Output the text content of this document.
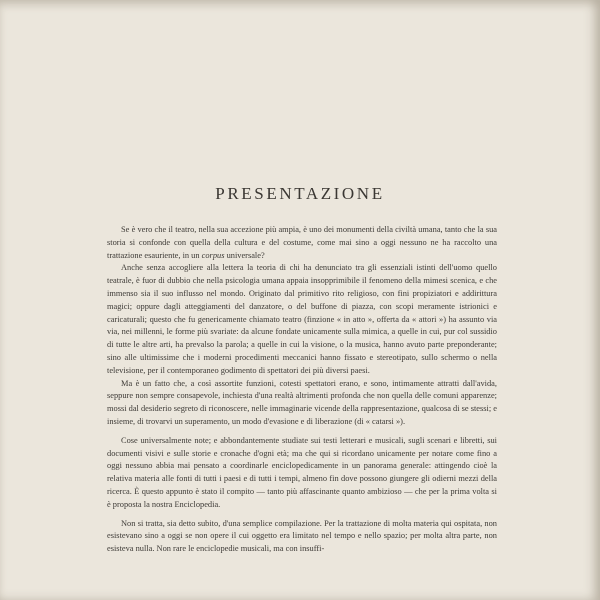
PRESENTAZIONE

Se è vero che il teatro, nella sua accezione più ampia, è uno dei monumenti della civiltà umana, tanto che la sua storia si confonde con quella della cultura e del costume, come mai sino a oggi nessuno ne ha raccolto una trattazione esauriente, in un corpus universale?

Anche senza accogliere alla lettera la teoria di chi ha denunciato tra gli essenziali istinti dell'uomo quello teatrale, è fuor di dubbio che nella psicologia umana appaia insopprimibile il fenomeno della mimesi scenica, e che immenso sia il suo influsso nel mondo. Originato dal primitivo rito religioso, con fini propiziatori e addirittura magici; oppure dagli atteggiamenti del danzatore, o del buffone di piazza, con scopi meramente istrionici e caricaturali; questo che fu genericamente chiamato teatro (finzione « in atto », offerta da « attori ») ha assunto via via, nei millenni, le forme più svariate: da alcune fondate unicamente sulla mimica, a quelle in cui, pur col sussidio di tutte le altre arti, ha prevalso la parola; a quelle in cui la visione, o la musica, hanno avuto parte preponderante; sino alle ultimissime che i moderni procedimenti meccanici hanno fissato e stereotipato, sullo schermo o nella televisione, per il contemporaneo godimento di spettatori dei più diversi paesi.

Ma è un fatto che, a così assortite funzioni, cotesti spettatori erano, e sono, intimamente attratti dall'avida, seppure non sempre consapevole, inchiesta d'una realtà altrimenti profonda che non quella delle comuni apparenze; mossi dal desiderio segreto di riconoscere, nelle immaginarie vicende della rappresentazione, qualcosa di se stessi; e insieme, di trovarvi un superamento, un modo d'evasione e di liberazione (di « catarsi »).

Cose universalmente note; e abbondantemente studiate sui testi letterari e musicali, sugli scenari e libretti, sui documenti visivi e sulle storie e cronache d'ogni età; ma che qui si ricordano unicamente per notare come fino a oggi nessuno abbia mai pensato a coordinarle enciclopedicamente in un panorama generale: attingendo cioè la relativa materia alle fonti di tutti i paesi e di tutti i tempi, almeno fin dove possono giungere gli odierni mezzi della ricerca. È questo appunto è stato il compito — tanto più affascinante quanto ambizioso — che per la prima volta si è proposta la nostra Enciclopedia.

Non si tratta, sia detto subito, d'una semplice compilazione. Per la trattazione di molta materia qui ospitata, non esistevano sino a oggi se non opere il cui oggetto era limitato nel tempo e nello spazio; per molta altra parte, non esisteva nulla. Non rare le enciclopedie musicali, ma con insuffi-
